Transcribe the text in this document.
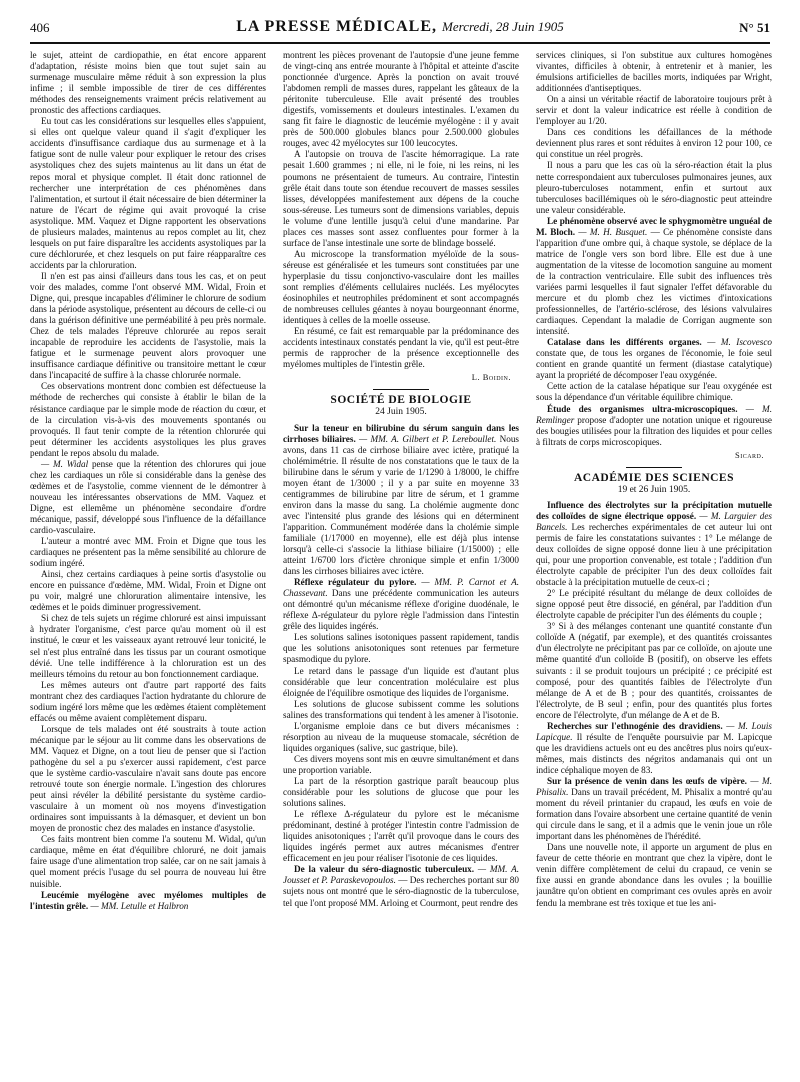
406	LA PRESSE MÉDICALE, Mercredi, 28 Juin 1905	N° 51

le sujet, atteint de cardiopathie, en état encore apparent d'adaptation, résiste moins bien que tout sujet sain au surmenage musculaire même réduit à son expression la plus infime ; il semble impossible de tirer de ces différentes méthodes des renseignements vraiment précis relativement au pronostic des affections cardiaques.

Eu tout cas les considérations sur lesquelles elles s'appuient, si elles ont quelque valeur quand il s'agit d'expliquer les accidents d'insuffisance cardiaque dus au surmenage et à la fatigue sont de nulle valeur pour expliquer le retour des crises asystoliques chez des sujets maintenus au lit dans un état de repos moral et physique complet. Il était donc rationnel de rechercher une interprétation de ces phénomènes dans l'alimentation, et surtout il était nécessaire de bien déterminer la nature de l'écart de régime qui avait provoqué la crise asystolique. MM. Vaquez et Digne rapportent les observations de plusieurs malades, maintenus au repos complet au lit, chez lesquels on put faire disparaître les accidents asystoliques par la cure déchlorurée, et chez lesquels on put faire réapparaître ces accidents par la chloruration.

Il n'en est pas ainsi d'ailleurs dans tous les cas, et on peut voir des malades, comme l'ont observé MM. Widal, Froin et Digne, qui, presque incapables d'éliminer le chlorure de sodium dans la période asystolique, présentent au décours de celle-ci ou dans la guérison définitive une perméabilité à peu près normale. Chez de tels malades l'épreuve chlorurée au repos serait incapable de reproduire les accidents de l'asystolie, mais la fatigue et le surmenage peuvent alors provoquer une insuffisance cardiaque définitive ou transitoire mettant le cœur dans l'incapacité de suffire à la chasse chlorurée normale.

Ces observations montrent donc combien est défectueuse la méthode de recherches qui consiste à établir le bilan de la résistance cardiaque par le simple mode de réaction du cœur, et de la circulation vis-à-vis des mouvements spontanés ou provoqués. Il faut tenir compte de la rétention chlorurée qui peut déterminer les accidents asystoliques les plus graves pendant le repos absolu du malade.

— M. Widal pense que la rétention des chlorures qui joue chez les cardiaques un rôle si considérable dans la genèse des œdèmes et de l'asystolie, comme viennent de le démontrer à nouveau les intéressantes observations de MM. Vaquez et Digne, est ellemême un phénomène secondaire d'ordre mécanique, passif, développé sous l'influence de la défaillance cardio-vasculaire.

L'auteur a montré avec MM. Froin et Digne que tous les cardiaques ne présentent pas la même sensibilité au chlorure de sodium ingéré.

Ainsi, chez certains cardiaques à peine sortis d'asystolie ou encore en puissance d'œdème, MM. Widal, Froin et Digne ont pu voir, malgré une chloruration alimentaire intensive, les œdèmes et le poids diminuer progressivement.

Si chez de tels sujets un régime chloruré est ainsi impuissant à hydrater l'organisme, c'est parce qu'au moment où il est institué, le cœur et les vaisseaux ayant retrouvé leur tonicité, le sel n'est plus entraîné dans les tissus par un courant osmotique dévié. Une telle indifférence à la chloruration est un des meilleurs témoins du retour au bon fonctionnement cardiaque.

Les mêmes auteurs ont d'autre part rapporté des faits montrant chez des cardiaques l'action hydratante du chlorure de sodium ingéré lors même que les œdèmes étaient complètement effacés ou même avaient complètement disparu.

Lorsque de tels malades ont été soustraits à toute action mécanique par le séjour au lit comme dans les observations de MM. Vaquez et Digne, on a tout lieu de penser que si l'action pathogène du sel a pu s'exercer aussi rapidement, c'est parce que le système cardio-vasculaire n'avait sans doute pas encore retrouvé toute son énergie normale. L'ingestion des chlorures peut ainsi révéler la débilité persistante du système cardio-vasculaire à un moment où nos moyens d'investigation ordinaires sont impuissants à la démasquer, et devient un bon moyen de pronostic chez des malades en instance d'asystolie.

Ces faits montrent bien comme l'a soutenu M. Widal, qu'un cardiaque, même en état d'équilibre chloruré, ne doit jamais faire usage d'une alimentation trop salée, car on ne sait jamais à quel moment précis l'usage du sel pourra de nouveau lui être nuisible.

Leucémie myélogène avec myélomes multiples de l'intestin grêle. — MM. Letulle et Halbron

montrent les pièces provenant de l'autopsie d'une jeune femme de vingt-cinq ans entrée mourante à l'hôpital et atteinte d'ascite ponctionnée d'urgence. Après la ponction on avait trouvé l'abdomen rempli de masses dures, rappelant les gâteaux de la péritonite tuberculeuse. Elle avait présenté des troubles digestifs, vomissements et douleurs intestinales. L'examen du sang fit faire le diagnostic de leucémie myélogène : il y avait près de 500.000 globules blancs pour 2.500.000 globules rouges, avec 42 myélocytes sur 100 leucocytes.

A l'autopsie on trouva de l'ascite hémorragique. La rate pesait 1.600 grammes ; ni elle, ni le foie, ni les reins, ni les poumons ne présentaient de tumeurs. Au contraire, l'intestin grêle était dans toute son étendue recouvert de masses sessiles lisses, développées manifestement aux dépens de la couche sous-séreuse. Les tumeurs sont de dimensions variables, depuis le volume d'une lentille jusqu'à celui d'une mandarine. Par places ces masses sont assez confluentes pour former à la surface de l'anse intestinale une sorte de blindage bosselé.

Au microscope la transformation myéloïde de la sous-séreuse est généralisée et les tumeurs sont constituées par une hyperplasie du tissu conjonctivo-vasculaire dont les mailles sont remplies d'éléments cellulaires nucléés. Les myélocytes éosinophiles et neutrophiles prédominent et sont accompagnés de nombreuses cellules géantes à noyau bourgeonnant énorme, identiques à celles de la moelle osseuse.

En résumé, ce fait est remarquable par la prédominance des accidents intestinaux constatés pendant la vie, qu'il est peut-être permis de rapprocher de la présence exceptionnelle des myélomes multiples de l'intestin grêle.

L. Boidin.

SOCIÉTÉ DE BIOLOGIE
24 Juin 1905.

Sur la teneur en bilirubine du sérum sanguin dans les cirrhoses biliaires. — MM. A. Gilbert et P. Lereboullet. Nous avons, dans 11 cas de cirrhose biliaire avec ictère, pratiqué la cholémimétrie. Il résulte de nos constatations que le taux de la bilirubine dans le sérum y varie de 1/1290 à 1/8000, le chiffre moyen étant de 1/3000 ; il y a par suite en moyenne 33 centigrammes de bilirubine par litre de sérum, et 1 gramme environ dans la masse du sang. La cholémie augmente donc avec l'intensité plus grande des lésions qui en déterminent l'apparition. Communément modérée dans la cholémie simple familiale (1/17000 en moyenne), elle est déjà plus intense lorsqu'à celle-ci s'associe la lithiase biliaire (1/15000) ; elle atteint 1/6700 lors d'ictère chronique simple et enfin 1/3000 dans les cirrhoses biliaires avec ictère.

Réflexe régulateur du pylore. — MM. P. Carnot et A. Chassevant. Dans une précédente communication les auteurs ont démontré qu'un mécanisme réflexe d'origine duodénale, le réflexe Δ-régulateur du pylore règle l'admission dans l'intestin grêle des liquides ingérés.

Les solutions salines isotoniques passent rapidement, tandis que les solutions anisotoniques sont retenues par fermeture spasmodique du pylore.

Le retard dans le passage d'un liquide est d'autant plus considérable que leur concentration moléculaire est plus éloignée de l'équilibre osmotique des liquides de l'organisme.

Les solutions de glucose subissent comme les solutions salines des transformations qui tendent à les amener à l'isotonie.

L'organisme emploie dans ce but divers mécanismes : résorption au niveau de la muqueuse stomacale, sécrétion de liquides organiques (salive, suc gastrique, bile).

Ces divers moyens sont mis en œuvre simultanément et dans une proportion variable.

La part de la résorption gastrique paraît beaucoup plus considérable pour les solutions de glucose que pour les solutions salines.

Le réflexe Δ-régulateur du pylore est le mécanisme prédominant, destiné à protéger l'intestin contre l'admission de liquides anisotoniques ; l'arrêt qu'il provoque dans le cours des liquides ingérés permet aux autres mécanismes d'entrer efficacement en jeu pour réaliser l'isotonie de ces liquides.

De la valeur du séro-diagnostic tuberculeux. — MM. A. Jousset et P. Paraskevopoulos. — Des recherches portant sur 80 sujets nous ont montré que le séro-diagnostic de la tuberculose, tel que l'ont proposé MM. Arloing et Courmont, peut rendre des

services cliniques, si l'on substitue aux cultures homogènes vivantes, difficiles à obtenir, à entretenir et à manier, les émulsions artificielles de bacilles morts, indiquées par Wright, additionnées d'antiseptiques.

On a ainsi un véritable réactif de laboratoire toujours prêt à servir et dont la valeur indicatrice est réelle à condition de l'employer au 1/20.

Dans ces conditions les défaillances de la méthode deviennent plus rares et sont réduites à environ 12 pour 100, ce qui constitue un réel progrès.

Il nous a paru que les cas où la séro-réaction était la plus nette correspondaient aux tuberculoses pulmonaires jeunes, aux pleuro-tuberculoses notamment, enfin et surtout aux tuberculoses bacillémiques où le séro-diagnostic peut atteindre une valeur considérable.

Le phénomène observé avec le sphygmomètre unguéal de M. Bloch. — M. H. Busquet. — Ce phénomène consiste dans l'apparition d'une ombre qui, à chaque systole, se déplace de la matrice de l'ongle vers son bord libre. Elle est due à une augmentation de la vitesse de locomotion sanguine au moment de la contraction ventriculaire. Elle subit des influences très variées parmi lesquelles il faut signaler l'effet défavorable du mercure et du plomb chez les victimes d'intoxications professionnelles, de l'artério-sclérose, des lésions valvulaires cardiaques. Cependant la maladie de Corrigan augmente son intensité.

Catalase dans les différents organes. — M. Iscovesco constate que, de tous les organes de l'économie, le foie seul contient en grande quantité un ferment (diastase catalytique) ayant la propriété de décomposer l'eau oxygénée.

Cette action de la catalase hépatique sur l'eau oxygénée est sous la dépendance d'un véritable équilibre chimique.

Étude des organismes ultra-microscopiques. — M. Remlinger propose d'adopter une notation unique et rigoureuse des bougies utilisées pour la filtration des liquides et pour celles à filtrats de corps microscopiques.

Sicard.

ACADÉMIE DES SCIENCES
19 et 26 Juin 1905.

Influence des électrolytes sur la précipitation mutuelle des colloïdes de signe électrique opposé. — M. Larguier des Bancels. Les recherches expérimentales de cet auteur lui ont permis de faire les constatations suivantes : 1° Le mélange de deux colloïdes de signe opposé donne lieu à une précipitation qui, pour une proportion convenable, est totale ; l'addition d'un électrolyte capable de précipiter l'un des deux colloïdes fait obstacle à la précipitation mutuelle de ceux-ci ;

2° Le précipité résultant du mélange de deux colloïdes de signe opposé peut être dissocié, en général, par l'addition d'un électrolyte capable de précipiter l'un des éléments du couple ;

3° Si à des mélanges contenant une quantité constante d'un colloïde A (négatif, par exemple), et des quantités croissantes d'un électrolyte ne précipitant pas par ce colloïde, on ajoute une même quantité d'un colloïde B (positif), on observe les effets suivants : il se produit toujours un précipité ; ce précipité est composé, pour des quantités faibles de l'électrolyte d'un mélange de A et de B ; pour des quantités, croissantes de l'électrolyte, de B seul ; enfin, pour des quantités plus fortes encore de l'électrolyte, d'un mélange de A et de B.

Recherches sur l'ethnogénie des dravidiens. — M. Louis Lapicque. Il résulte de l'enquête poursuivie par M. Lapicque que les dravidiens actuels ont eu des ancêtres plus noirs qu'eux-mêmes, mais distincts des négritos andamanais qui ont un indice céphalique moyen de 83.

Sur la présence de venin dans les œufs de vipère. — M. Phisalix. Dans un travail précédent, M. Phisalix a montré qu'au moment du réveil printanier du crapaud, les œufs en voie de formation dans l'ovaire absorbent une certaine quantité de venin qui circule dans le sang, et il a admis que le venin joue un rôle important dans les phénomènes de l'hérédité.

Dans une nouvelle note, il apporte un argument de plus en faveur de cette théorie en montrant que chez la vipère, dont le venin diffère complètement de celui du crapaud, ce venin se fixe aussi en grande abondance dans les ovules ; la bouillie jaunâtre qu'on obtient en comprimant ces ovules après en avoir fendu la membrane est très toxique et tue les ani-
